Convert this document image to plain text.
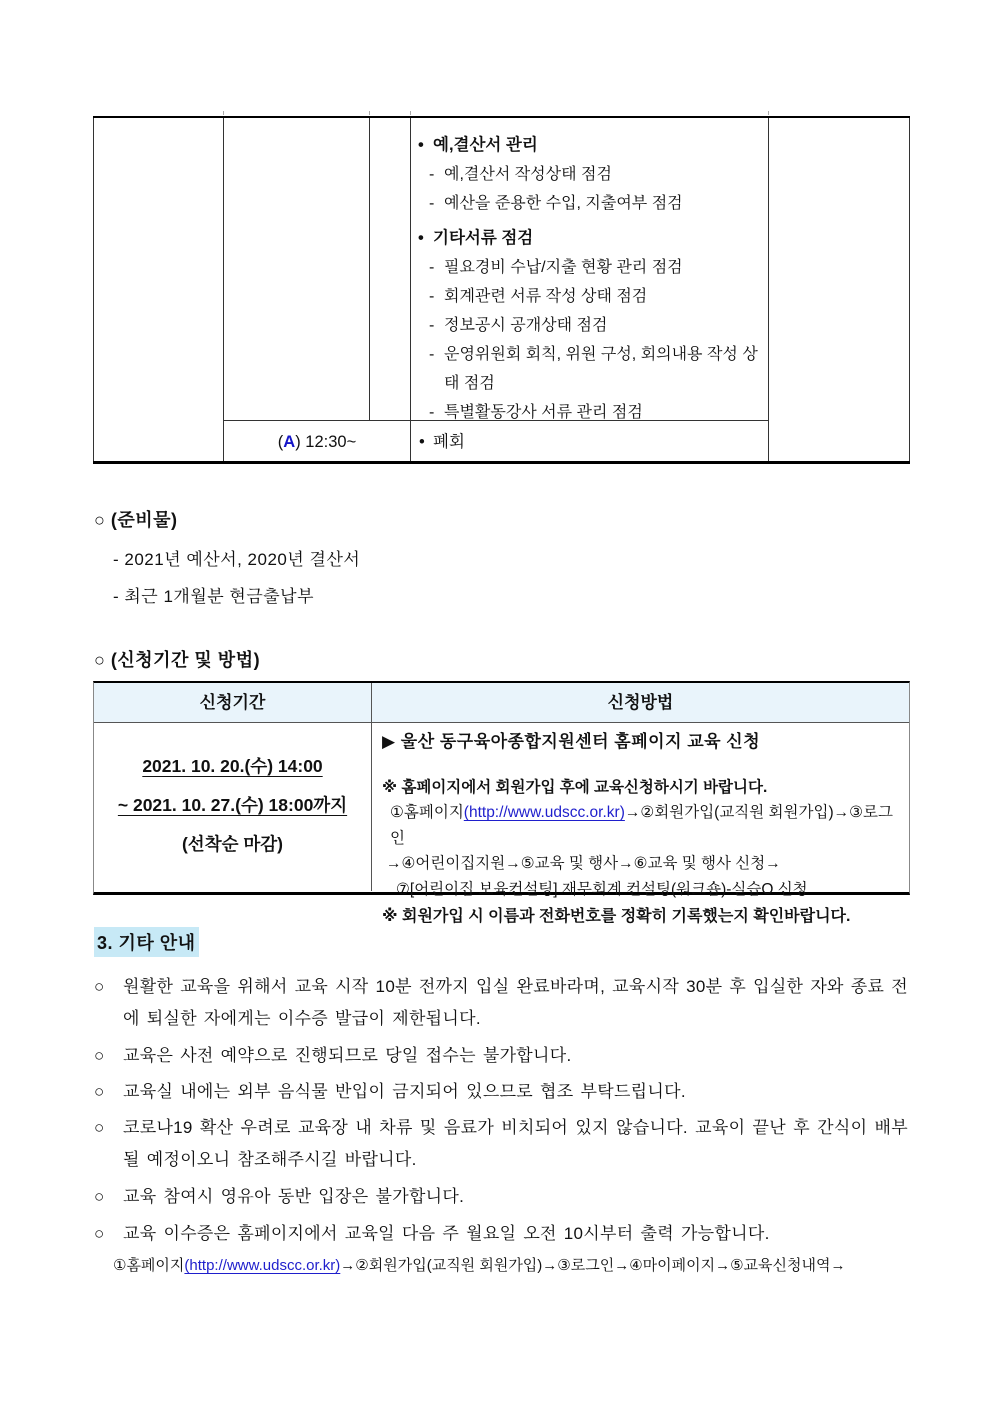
• 예,결산서 관리
- 예,결산서 작성상태 점검
- 예산을 준용한 수입, 지출여부 점검
• 기타서류 점검
- 필요경비 수납/지출 현황 관리 점검
- 회계관련 서류 작성 상태 점검
- 정보공시 공개상태 점검
- 운영위원회 회칙, 위원 구성, 회의내용 작성 상태 점검
- 특별활동강사 서류 관리 점검
(A) 12:30~	• 폐회
○ (준비물)
- 2021년 예산서, 2020년 결산서
- 최근 1개월분 현금출납부
○ (신청기간 및 방법)
신청기간	신청방법
2021. 10. 20.(수) 14:00
~ 2021. 10. 27.(수) 18:00까지
(선착순 마감)
▶ 울산 동구육아종합지원센터 홈페이지 교육 신청
※ 홈페이지에서 회원가입 후에 교육신청하시기 바랍니다.
①홈페이지(http://www.udscc.or.kr)→②회원가입(교직원 회원가입)→③로그인
→④어린이집지원→⑤교육 및 행사→⑥교육 및 행사 신청→
⑦[어린이집 보육컨설팅] 재무회계 컨설팅(워크숍)-실습O 신청
※ 회원가입 시 이름과 전화번호를 정확히 기록했는지 확인바랍니다.
3. 기타 안내
○ 원활한 교육을 위해서 교육 시작 10분 전까지 입실 완료바라며, 교육시작 30분 후 입실한 자와 종료 전에 퇴실한 자에게는 이수증 발급이 제한됩니다.
○ 교육은 사전 예약으로 진행되므로 당일 접수는 불가합니다.
○ 교육실 내에는 외부 음식물 반입이 금지되어 있으므로 협조 부탁드립니다.
○ 코로나19 확산 우려로 교육장 내 차류 및 음료가 비치되어 있지 않습니다. 교육이 끝난 후 간식이 배부될 예정이오니 참조해주시길 바랍니다.
○ 교육 참여시 영유아 동반 입장은 불가합니다.
○ 교육 이수증은 홈페이지에서 교육일 다음 주 월요일 오전 10시부터 출력 가능합니다.
①홈페이지(http://www.udscc.or.kr)→②회원가입(교직원 회원가입)→③로그인→④마이페이지→⑤교육신청내역→
